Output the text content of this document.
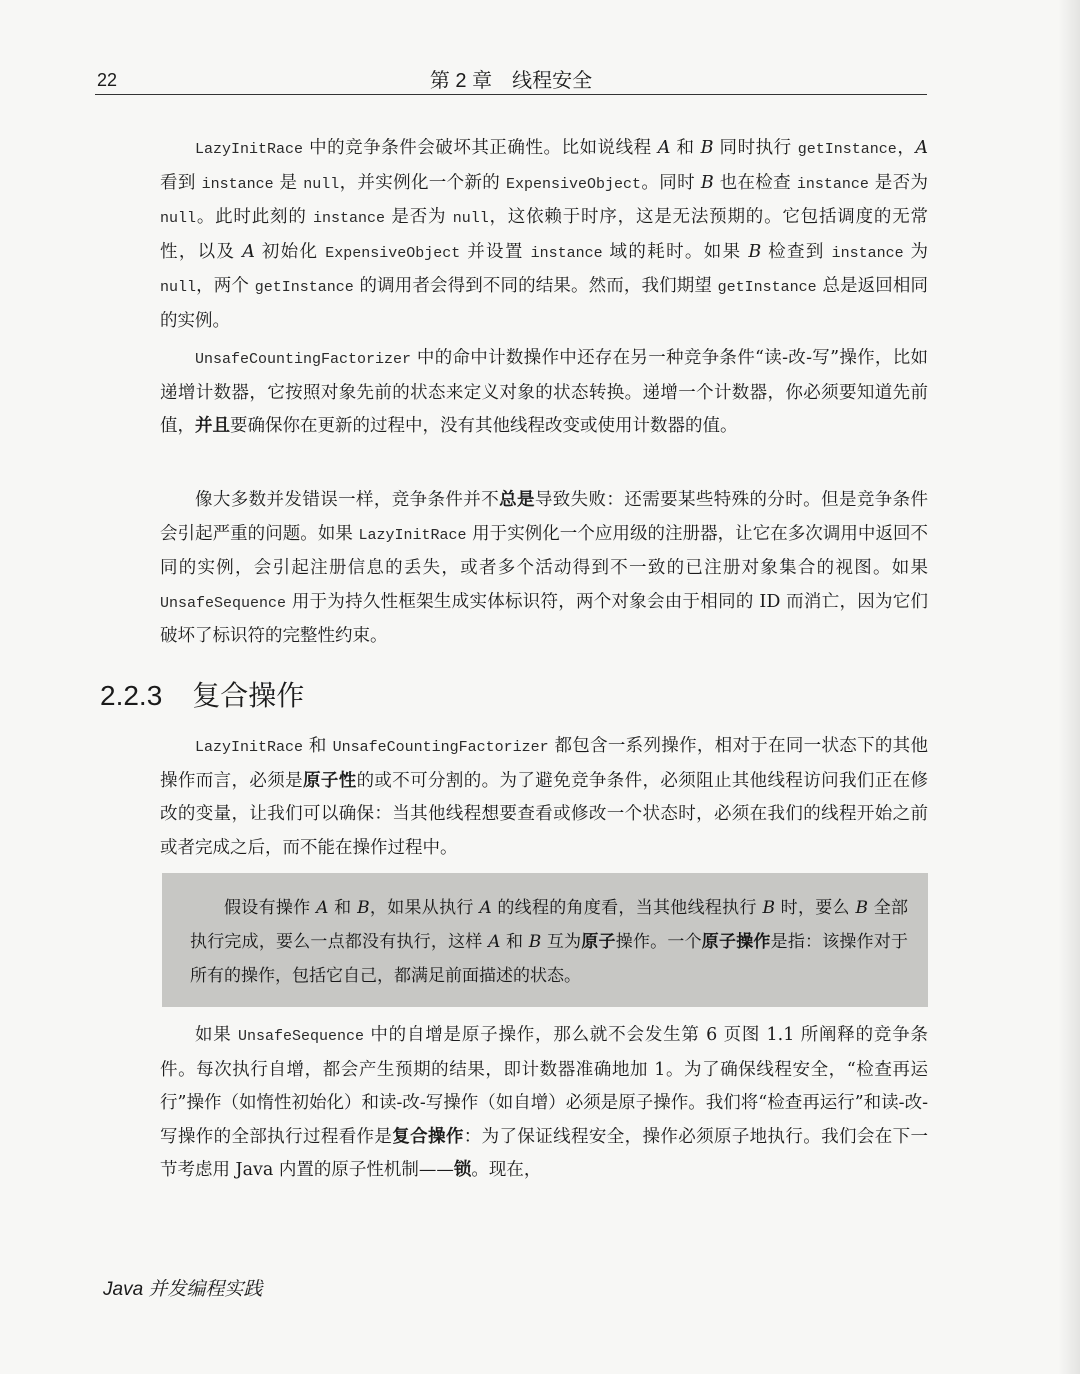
22	第 2 章　线程安全

LazyInitRace 中的竞争条件会破坏其正确性。比如说线程 A 和 B 同时执行 getInstance，A 看到 instance 是 null，并实例化一个新的 ExpensiveObject。同时 B 也在检查 instance 是否为 null。此时此刻的 instance 是否为 null，这依赖于时序，这是无法预期的。它包括调度的无常性，以及 A 初始化 ExpensiveObject 并设置 instance 域的耗时。如果 B 检查到 instance 为 null，两个 getInstance 的调用者会得到不同的结果。然而，我们期望 getInstance 总是返回相同的实例。

UnsafeCountingFactorizer 中的命中计数操作中还存在另一种竞争条件“读-改-写”操作，比如递增计数器，它按照对象先前的状态来定义对象的状态转换。递增一个计数器，你必须要知道先前值，并且要确保你在更新的过程中，没有其他线程改变或使用计数器的值。

像大多数并发错误一样，竞争条件并不总是导致失败：还需要某些特殊的分时。但是竞争条件会引起严重的问题。如果 LazyInitRace 用于实例化一个应用级的注册器，让它在多次调用中返回不同的实例，会引起注册信息的丢失，或者多个活动得到不一致的已注册对象集合的视图。如果 UnsafeSequence 用于为持久性框架生成实体标识符，两个对象会由于相同的 ID 而消亡，因为它们破坏了标识符的完整性约束。

2.2.3 复合操作

LazyInitRace 和 UnsafeCountingFactorizer 都包含一系列操作，相对于在同一状态下的其他操作而言，必须是原子性的或不可分割的。为了避免竞争条件，必须阻止其他线程访问我们正在修改的变量，让我们可以确保：当其他线程想要查看或修改一个状态时，必须在我们的线程开始之前或者完成之后，而不能在操作过程中。

假设有操作 A 和 B，如果从执行 A 的线程的角度看，当其他线程执行 B 时，要么 B 全部执行完成，要么一点都没有执行，这样 A 和 B 互为原子操作。一个原子操作是指：该操作对于所有的操作，包括它自己，都满足前面描述的状态。

如果 UnsafeSequence 中的自增是原子操作，那么就不会发生第 6 页图 1.1 所阐释的竞争条件。每次执行自增，都会产生预期的结果，即计数器准确地加 1。为了确保线程安全，“检查再运行”操作（如惰性初始化）和读-改-写操作（如自增）必须是原子操作。我们将“检查再运行”和读-改-写操作的全部执行过程看作是复合操作：为了保证线程安全，操作必须原子地执行。我们会在下一节考虑用 Java 内置的原子性机制——锁。现在，

Java 并发编程实践
